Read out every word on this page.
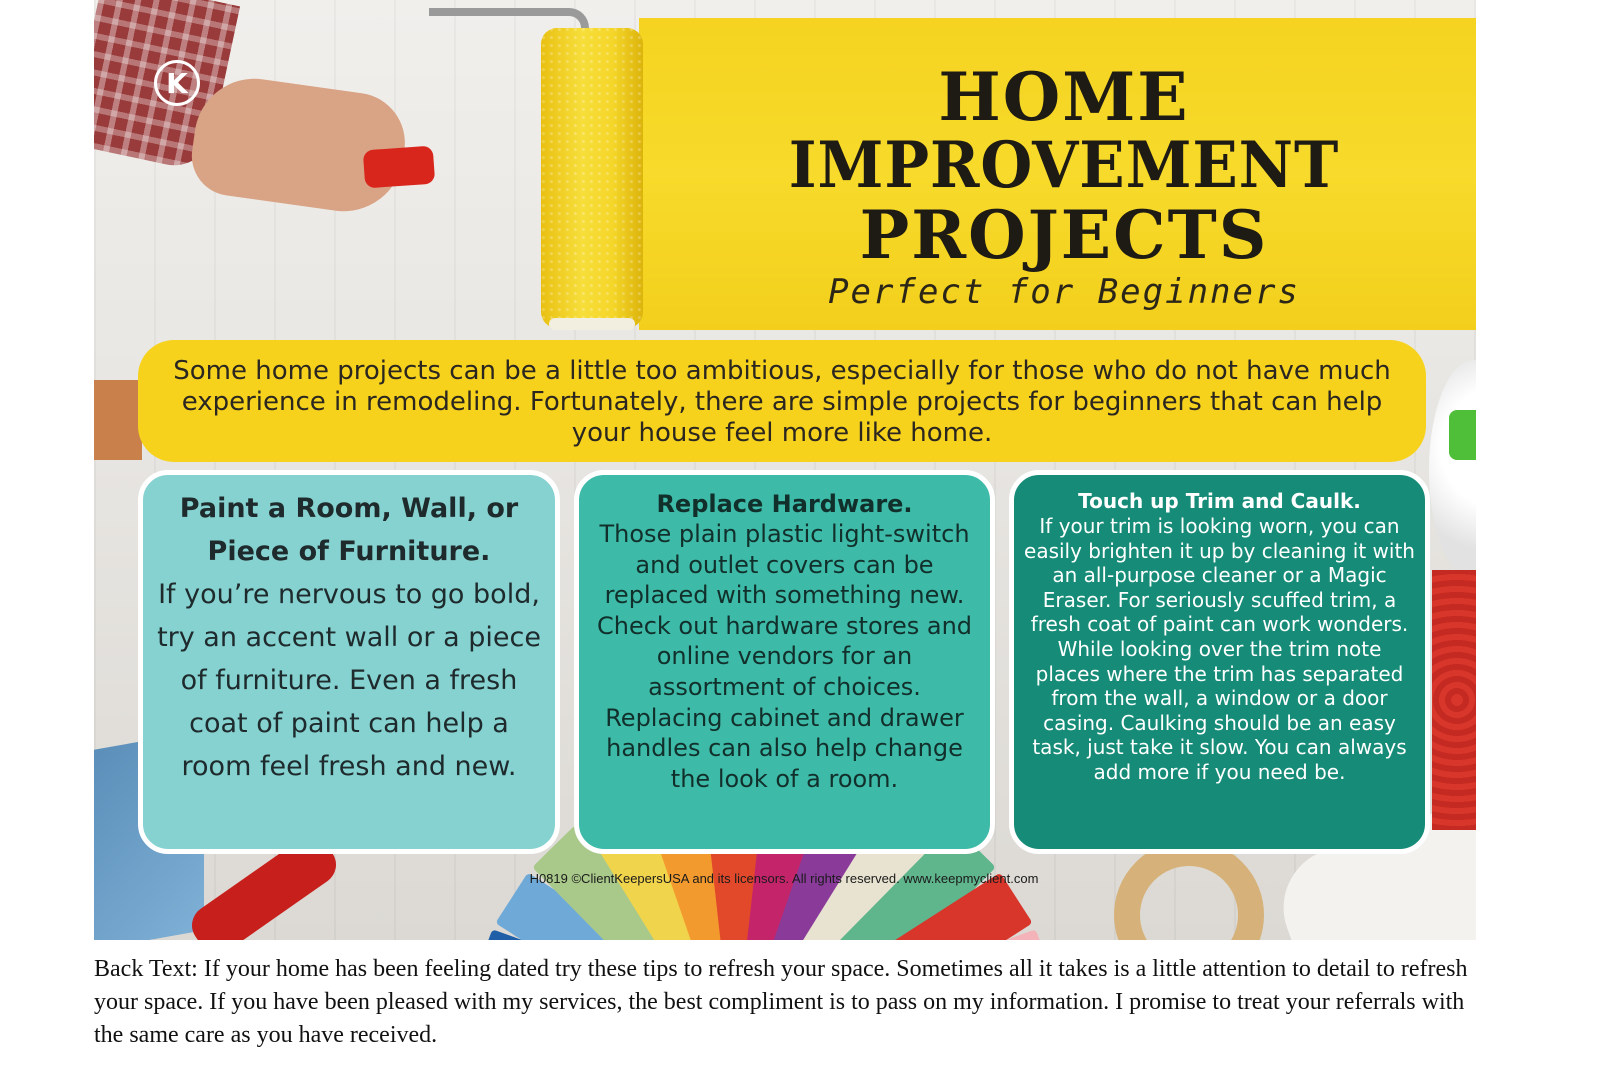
K	HOME
IMPROVEMENT
PROJECTS
Perfect for Beginners
Some home projects can be a little too ambitious, especially for those who do not have much experience in remodeling. Fortunately, there are simple projects for beginners that can help your house feel more like home.
Paint a Room, Wall, or Piece of Furniture.
If you’re nervous to go bold, try an accent wall or a piece of furniture. Even a fresh coat of paint can help a room feel fresh and new.
Replace Hardware.
Those plain plastic light-switch and outlet covers can be replaced with something new. Check out hardware stores and online vendors for an assortment of choices. Replacing cabinet and drawer handles can also help change the look of a room.
Touch up Trim and Caulk.
If your trim is looking worn, you can easily brighten it up by cleaning it with an all-purpose cleaner or a Magic Eraser. For seriously scuffed trim, a fresh coat of paint can work wonders.
While looking over the trim note places where the trim has separated from the wall, a window or a door casing. Caulking should be an easy task, just take it slow. You can always add more if you need be.
H0819 ©ClientKeepersUSA and its licensors. All rights reserved. www.keepmyclient.com
Back Text: If your home has been feeling dated try these tips to refresh your space. Sometimes all it takes is a little attention to detail to refresh your space. If you have been pleased with my services, the best compliment is to pass on my information. I promise to treat your referrals with the same care as you have received.
